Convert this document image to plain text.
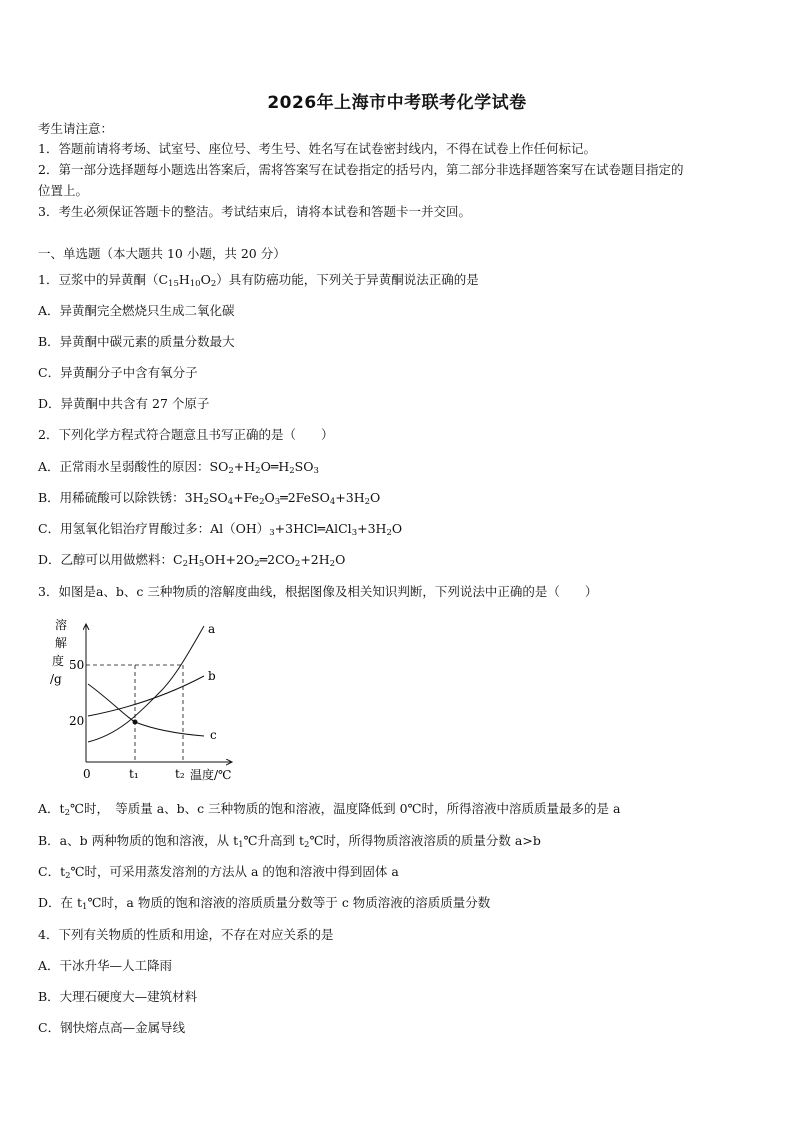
2026年上海市中考联考化学试卷
考生请注意：
1．答题前请将考场、试室号、座位号、考生号、姓名写在试卷密封线内，不得在试卷上作任何标记。
2．第一部分选择题每小题选出答案后，需将答案写在试卷指定的括号内，第二部分非选择题答案写在试卷题目指定的
位置上。
3．考生必须保证答题卡的整洁。考试结束后，请将本试卷和答题卡一并交回。
一、单选题（本大题共 10 小题，共 20 分）
1．豆浆中的异黄酮$(C_{15}H_{10}O_2)$具有防癌功能，下列关于异黄酮说法正确的是
A．异黄酮完全燃烧只生成二氧化碳
B．异黄酮中碳元素的质量分数最大
C．异黄酮分子中含有氧分子
D．异黄酮中共含有 27 个原子
2．下列化学方程式符合题意且书写正确的是（　　）
A．正常雨水呈弱酸性的原因：$SO_2+H_2O═H_2SO_3$
B．用稀硫酸可以除铁锈：$3H_2SO_4+Fe_2O_3═2FeSO_4+3H_2O$
C．用氢氧化铝治疗胃酸过多：$Al(OH)_3+3HCl═AlCl_3+3H_2O$
D．乙醇可以用做燃料：$C_2H_5OH+2O_2═2CO_2+2H_2O$
3．如图是a、b、c 三种物质的溶解度曲线，根据图像及相关知识判断，下列说法中正确的是（　　）
溶
解
度
/g
50
20
0	t₁	t₂ 温度/℃
a
b
c
A．$t_2℃$时，　等质量 a、b、c 三种物质的饱和溶液，温度降低到 0℃时，所得溶液中溶质质量最多的是 a
B．a、b 两种物质的饱和溶液，从 $t_1℃$升高到 $t_2℃$时，所得物质溶液溶质的质量分数 a>b
C．$t_2℃$时，可采用蒸发溶剂的方法从 a 的饱和溶液中得到固体 a
D．在 $t_1℃$时，a 物质的饱和溶液的溶质质量分数等于 c 物质溶液的溶质质量分数
4．下列有关物质的性质和用途，不存在对应关系的是
A．干冰升华—人工降雨
B．大理石硬度大—建筑材料
C．钢快熔点高—金属导线
